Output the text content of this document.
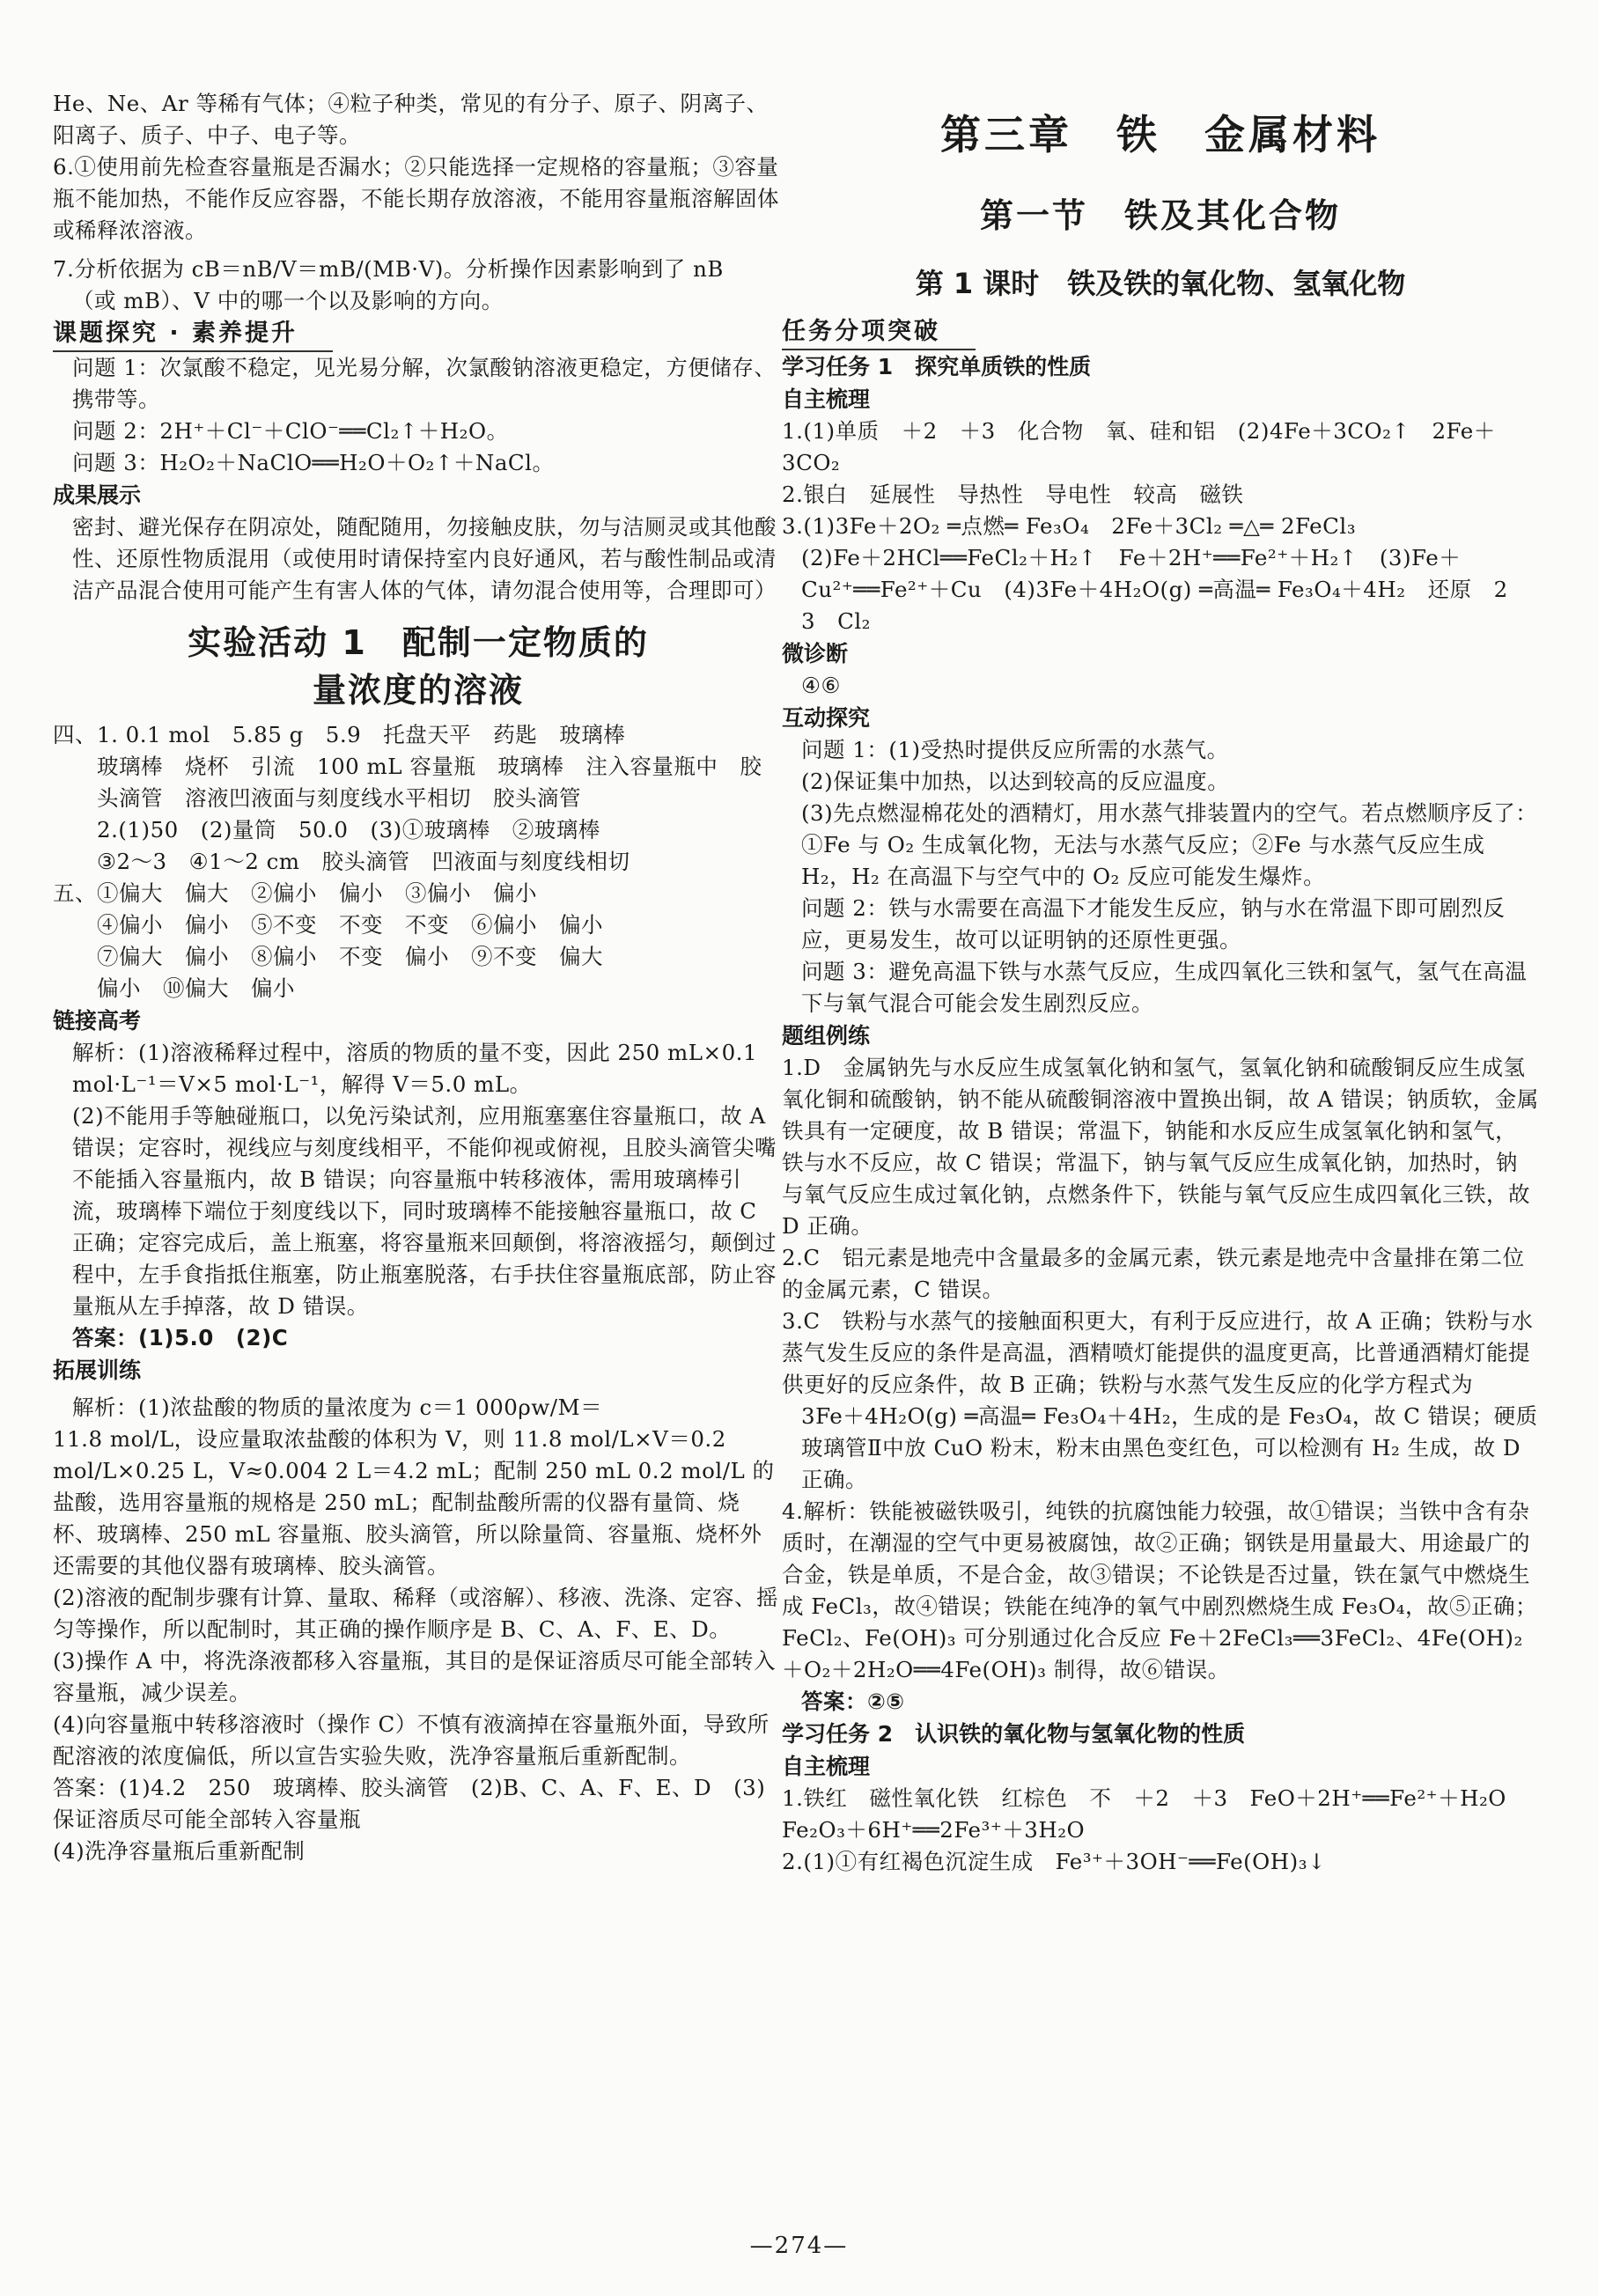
He、Ne、Ar 等稀有气体；④粒子种类，常见的有分子、原子、阴离子、阳离子、质子、中子、电子等。

6.①使用前先检查容量瓶是否漏水；②只能选择一定规格的容量瓶；③容量瓶不能加热，不能作反应容器，不能长期存放溶液，不能用容量瓶溶解固体或稀释浓溶液。

7.分析依据为 cB＝nB/V＝mB/(MB·V)。分析操作因素影响到了 nB

（或 mB）、V 中的哪一个以及影响的方向。

课题探究 · 素养提升

问题 1：次氯酸不稳定，见光易分解，次氯酸钠溶液更稳定，方便储存、携带等。

问题 2：2H⁺＋Cl⁻＋ClO⁻══Cl₂↑＋H₂O。

问题 3：H₂O₂＋NaClO══H₂O＋O₂↑＋NaCl。

成果展示

密封、避光保存在阴凉处，随配随用，勿接触皮肤，勿与洁厕灵或其他酸性、还原性物质混用（或使用时请保持室内良好通风，若与酸性制品或清洁产品混合使用可能产生有害人体的气体，请勿混合使用等，合理即可）

实验活动 1　配制一定物质的
量浓度的溶液

四、1. 0.1 mol　5.85 g　5.9　托盘天平　药匙　玻璃棒

玻璃棒　烧杯　引流　100 mL 容量瓶　玻璃棒　注入容量瓶中　胶头滴管　溶液凹液面与刻度线水平相切　胶头滴管

2.(1)50　(2)量筒　50.0　(3)①玻璃棒　②玻璃棒

③2～3　④1～2 cm　胶头滴管　凹液面与刻度线相切

五、①偏大　偏大　②偏小　偏小　③偏小　偏小

④偏小　偏小　⑤不变　不变　不变　⑥偏小　偏小

⑦偏大　偏小　⑧偏小　不变　偏小　⑨不变　偏大

偏小　⑩偏大　偏小

链接高考

解析：(1)溶液稀释过程中，溶质的物质的量不变，因此 250 mL×0.1 mol·L⁻¹＝V×5 mol·L⁻¹，解得 V＝5.0 mL。

(2)不能用手等触碰瓶口，以免污染试剂，应用瓶塞塞住容量瓶口，故 A 错误；定容时，视线应与刻度线相平，不能仰视或俯视，且胶头滴管尖嘴不能插入容量瓶内，故 B 错误；向容量瓶中转移液体，需用玻璃棒引流，玻璃棒下端位于刻度线以下，同时玻璃棒不能接触容量瓶口，故 C 正确；定容完成后，盖上瓶塞，将容量瓶来回颠倒，将溶液摇匀，颠倒过程中，左手食指抵住瓶塞，防止瓶塞脱落，右手扶住容量瓶底部，防止容量瓶从左手掉落，故 D 错误。

答案：(1)5.0　(2)C

拓展训练

解析：(1)浓盐酸的物质的量浓度为 c＝1 000ρw/M＝

11.8 mol/L，设应量取浓盐酸的体积为 V，则 11.8 mol/L×V＝0.2 mol/L×0.25 L，V≈0.004 2 L＝4.2 mL；配制 250 mL 0.2 mol/L 的盐酸，选用容量瓶的规格是 250 mL；配制盐酸所需的仪器有量筒、烧杯、玻璃棒、250 mL 容量瓶、胶头滴管，所以除量筒、容量瓶、烧杯外还需要的其他仪器有玻璃棒、胶头滴管。

(2)溶液的配制步骤有计算、量取、稀释（或溶解）、移液、洗涤、定容、摇匀等操作，所以配制时，其正确的操作顺序是 B、C、A、F、E、D。

(3)操作 A 中，将洗涤液都移入容量瓶，其目的是保证溶质尽可能全部转入容量瓶，减少误差。

(4)向容量瓶中转移溶液时（操作 C）不慎有液滴掉在容量瓶外面，导致所配溶液的浓度偏低，所以宣告实验失败，洗净容量瓶后重新配制。

答案：(1)4.2　250　玻璃棒、胶头滴管　(2)B、C、A、F、E、D　(3)保证溶质尽可能全部转入容量瓶

(4)洗净容量瓶后重新配制

第三章　铁　金属材料
第一节　铁及其化合物
第 1 课时　铁及铁的氧化物、氢氧化物
任务分项突破

学习任务 1　探究单质铁的性质

自主梳理

1.(1)单质　＋2　＋3　化合物　氧、硅和铝　(2)4Fe＋3CO₂↑　2Fe＋3CO₂

2.银白　延展性　导热性　导电性　较高　磁铁

3.(1)3Fe＋2O₂ ═点燃═ Fe₃O₄　2Fe＋3Cl₂ ═△═ 2FeCl₃

(2)Fe＋2HCl══FeCl₂＋H₂↑　Fe＋2H⁺══Fe²⁺＋H₂↑　(3)Fe＋Cu²⁺══Fe²⁺＋Cu　(4)3Fe＋4H₂O(g) ═高温═ Fe₃O₄＋4H₂　还原　2　3　Cl₂

微诊断

④⑥

互动探究

问题 1：(1)受热时提供反应所需的水蒸气。

(2)保证集中加热，以达到较高的反应温度。

(3)先点燃湿棉花处的酒精灯，用水蒸气排装置内的空气。若点燃顺序反了：①Fe 与 O₂ 生成氧化物，无法与水蒸气反应；②Fe 与水蒸气反应生成 H₂，H₂ 在高温下与空气中的 O₂ 反应可能发生爆炸。

问题 2：铁与水需要在高温下才能发生反应，钠与水在常温下即可剧烈反应，更易发生，故可以证明钠的还原性更强。

问题 3：避免高温下铁与水蒸气反应，生成四氧化三铁和氢气，氢气在高温下与氧气混合可能会发生剧烈反应。

题组例练

1.D　金属钠先与水反应生成氢氧化钠和氢气，氢氧化钠和硫酸铜反应生成氢氧化铜和硫酸钠，钠不能从硫酸铜溶液中置换出铜，故 A 错误；钠质软，金属铁具有一定硬度，故 B 错误；常温下，钠能和水反应生成氢氧化钠和氢气，铁与水不反应，故 C 错误；常温下，钠与氧气反应生成氧化钠，加热时，钠与氧气反应生成过氧化钠，点燃条件下，铁能与氧气反应生成四氧化三铁，故 D 正确。

2.C　铝元素是地壳中含量最多的金属元素，铁元素是地壳中含量排在第二位的金属元素，C 错误。

3.C　铁粉与水蒸气的接触面积更大，有利于反应进行，故 A 正确；铁粉与水蒸气发生反应的条件是高温，酒精喷灯能提供的温度更高，比普通酒精灯能提供更好的反应条件，故 B 正确；铁粉与水蒸气发生反应的化学方程式为

3Fe＋4H₂O(g) ═高温═ Fe₃O₄＋4H₂，生成的是 Fe₃O₄，故 C 错误；硬质玻璃管Ⅱ中放 CuO 粉末，粉末由黑色变红色，可以检测有 H₂ 生成，故 D 正确。

4.解析：铁能被磁铁吸引，纯铁的抗腐蚀能力较强，故①错误；当铁中含有杂质时，在潮湿的空气中更易被腐蚀，故②正确；钢铁是用量最大、用途最广的合金，铁是单质，不是合金，故③错误；不论铁是否过量，铁在氯气中燃烧生成 FeCl₃，故④错误；铁能在纯净的氧气中剧烈燃烧生成 Fe₃O₄，故⑤正确；FeCl₂、Fe(OH)₃ 可分别通过化合反应 Fe＋2FeCl₃══3FeCl₂、4Fe(OH)₂＋O₂＋2H₂O══4Fe(OH)₃ 制得，故⑥错误。

答案：②⑤

学习任务 2　认识铁的氧化物与氢氧化物的性质

自主梳理

1.铁红　磁性氧化铁　红棕色　不　＋2　＋3　FeO＋2H⁺══Fe²⁺＋H₂O　Fe₂O₃＋6H⁺══2Fe³⁺＋3H₂O

2.(1)①有红褐色沉淀生成　Fe³⁺＋3OH⁻══Fe(OH)₃↓

—274—
